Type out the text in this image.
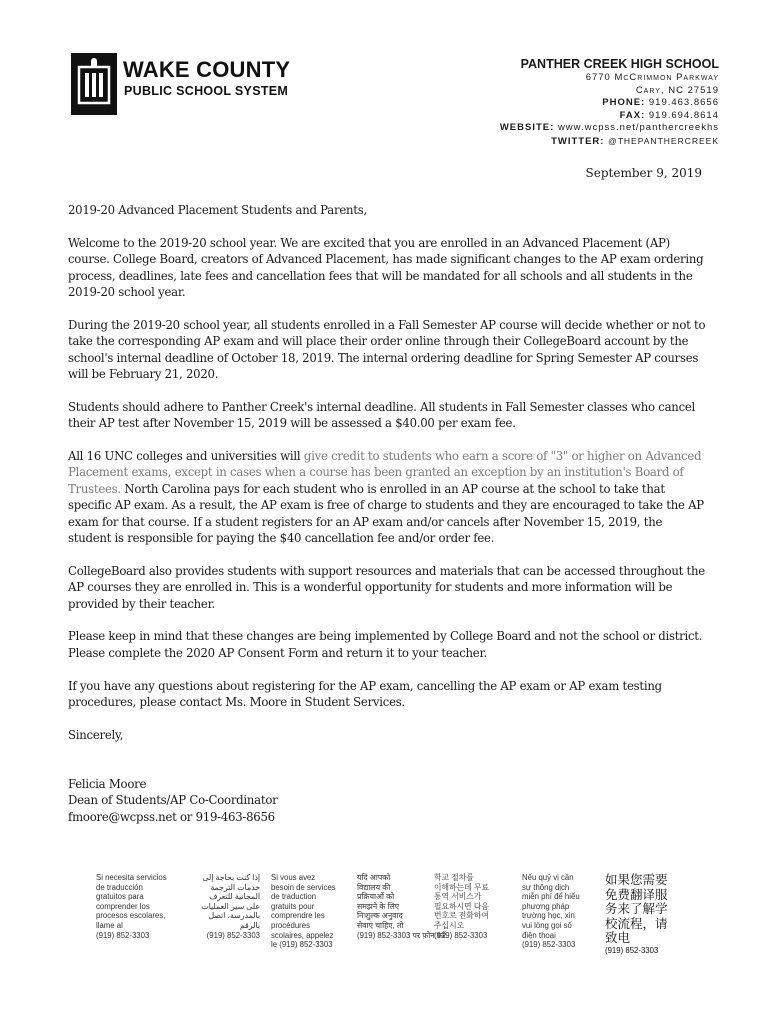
WAKE COUNTY
PUBLIC SCHOOL SYSTEM
PANTHER CREEK HIGH SCHOOL
6770 McCrimmon Parkway
Cary, NC 27519
PHONE: 919.463.8656
FAX: 919.694.8614
WEBSITE: www.wcpss.net/panthercreekhs
TWITTER: @THEPANTHERCREEK
September 9, 2019

2019-20 Advanced Placement Students and Parents,

Welcome to the 2019-20 school year. We are excited that you are enrolled in an Advanced Placement (AP) course. College Board, creators of Advanced Placement, has made significant changes to the AP exam ordering process, deadlines, late fees and cancellation fees that will be mandated for all schools and all students in the 2019-20 school year.

During the 2019-20 school year, all students enrolled in a Fall Semester AP course will decide whether or not to take the corresponding AP exam and will place their order online through their CollegeBoard account by the school's internal deadline of October 18, 2019. The internal ordering deadline for Spring Semester AP courses will be February 21, 2020.

Students should adhere to Panther Creek's internal deadline. All students in Fall Semester classes who cancel their AP test after November 15, 2019 will be assessed a $40.00 per exam fee.

All 16 UNC colleges and universities will give credit to students who earn a score of "3" or higher on Advanced Placement exams, except in cases when a course has been granted an exception by an institution's Board of Trustees. North Carolina pays for each student who is enrolled in an AP course at the school to take that specific AP exam. As a result, the AP exam is free of charge to students and they are encouraged to take the AP exam for that course. If a student registers for an AP exam and/or cancels after November 15, 2019, the student is responsible for paying the $40 cancellation fee and/or order fee.

CollegeBoard also provides students with support resources and materials that can be accessed throughout the AP courses they are enrolled in. This is a wonderful opportunity for students and more information will be provided by their teacher.

Please keep in mind that these changes are being implemented by College Board and not the school or district. Please complete the 2020 AP Consent Form and return it to your teacher.

If you have any questions about registering for the AP exam, cancelling the AP exam or AP exam testing procedures, please contact Ms. Moore in Student Services.

Sincerely,

Felicia Moore
Dean of Students/AP Co-Coordinator
fmoore@wcpss.net or 919-463-8656
Si necesita servicios
de traducción
gratuitos para
comprender los
procesos escolares,
llame al
(919) 852-3303
إذا كنت بحاجة إلى
خدمات الترجمة
المجانية للتعرف
على سير العمليات
بالمدرسة، اتصل
بالرقم
(919) 852-3303
Si vous avez
besoin de services
de traduction
gratuits pour
comprendre les
procédures
scolaires, appelez
le (919) 852-3303
यदि आपको
विद्यालय की
प्रक्रियाओं को
समझने के लिए
निःशुल्क अनुवाद
सेवाएं चाहिए, तो
(919) 852-3303 पर फ़ोन करें
학교 절차를
이해하는데 무료
통역 서비스가
필요하시면 다음
번호로 전화하여
주십시오
(919) 852-3303
Nếu quý vị cần
sự thông dịch
miễn phí để hiểu
phương pháp
trường học, xin
vui lòng gọi số
điện thoại
(919) 852-3303
如果您需要
免费翻译服
务来了解学
校流程，请
致电
(919) 852-3303
